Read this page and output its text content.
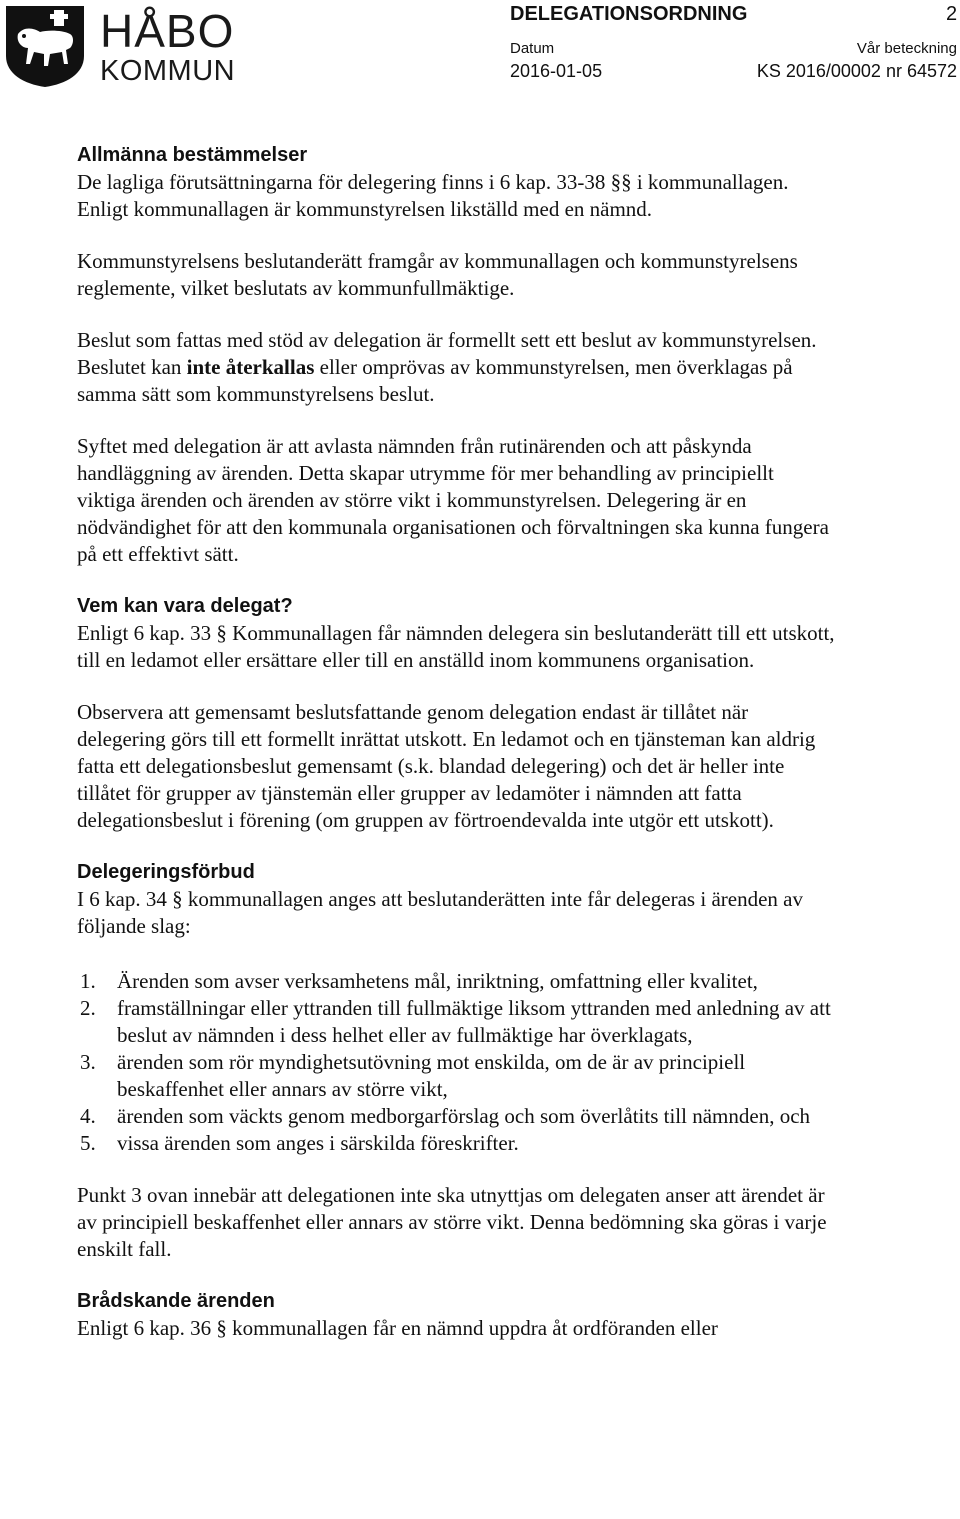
HÅBO
KOMMUN
DELEGATIONSORDNING	2
Datum	Vår beteckning
2016-01-05	KS 2016/00002 nr 64572
Allmänna bestämmelser

De lagliga förutsättningarna för delegering finns i 6 kap. 33-38 §§ i kommunallagen. Enligt kommunallagen är kommunstyrelsen likställd med en nämnd.

Kommunstyrelsens beslutanderätt framgår av kommunallagen och kommunstyrelsens reglemente, vilket beslutats av kommunfullmäktige.

Beslut som fattas med stöd av delegation är formellt sett ett beslut av kommunstyrelsen. Beslutet kan inte återkallas eller omprövas av kommunstyrelsen, men överklagas på samma sätt som kommunstyrelsens beslut.

Syftet med delegation är att avlasta nämnden från rutinärenden och att påskynda handläggning av ärenden. Detta skapar utrymme för mer behandling av principiellt viktiga ärenden och ärenden av större vikt i kommunstyrelsen. Delegering är en nödvändighet för att den kommunala organisationen och förvaltningen ska kunna fungera på ett effektivt sätt.

Vem kan vara delegat?

Enligt 6 kap. 33 § Kommunallagen får nämnden delegera sin beslutanderätt till ett utskott, till en ledamot eller ersättare eller till en anställd inom kommunens organisation.

Observera att gemensamt beslutsfattande genom delegation endast är tillåtet när delegering görs till ett formellt inrättat utskott. En ledamot och en tjänsteman kan aldrig fatta ett delegationsbeslut gemensamt (s.k. blandad delegering) och det är heller inte tillåtet för grupper av tjänstemän eller grupper av ledamöter i nämnden att fatta delegationsbeslut i förening (om gruppen av förtroendevalda inte utgör ett utskott).

Delegeringsförbud

I 6 kap. 34 § kommunallagen anges att beslutanderätten inte får delegeras i ärenden av följande slag:

1. Ärenden som avser verksamhetens mål, inriktning, omfattning eller kvalitet,
2. framställningar eller yttranden till fullmäktige liksom yttranden med anledning av att beslut av nämnden i dess helhet eller av fullmäktige har överklagats,
3. ärenden som rör myndighetsutövning mot enskilda, om de är av principiell beskaffenhet eller annars av större vikt,
4. ärenden som väckts genom medborgarförslag och som överlåtits till nämnden, och
5. vissa ärenden som anges i särskilda föreskrifter.

Punkt 3 ovan innebär att delegationen inte ska utnyttjas om delegaten anser att ärendet är av principiell beskaffenhet eller annars av större vikt. Denna bedömning ska göras i varje enskilt fall.

Brådskande ärenden

Enligt 6 kap. 36 § kommunallagen får en nämnd uppdra åt ordföranden eller
